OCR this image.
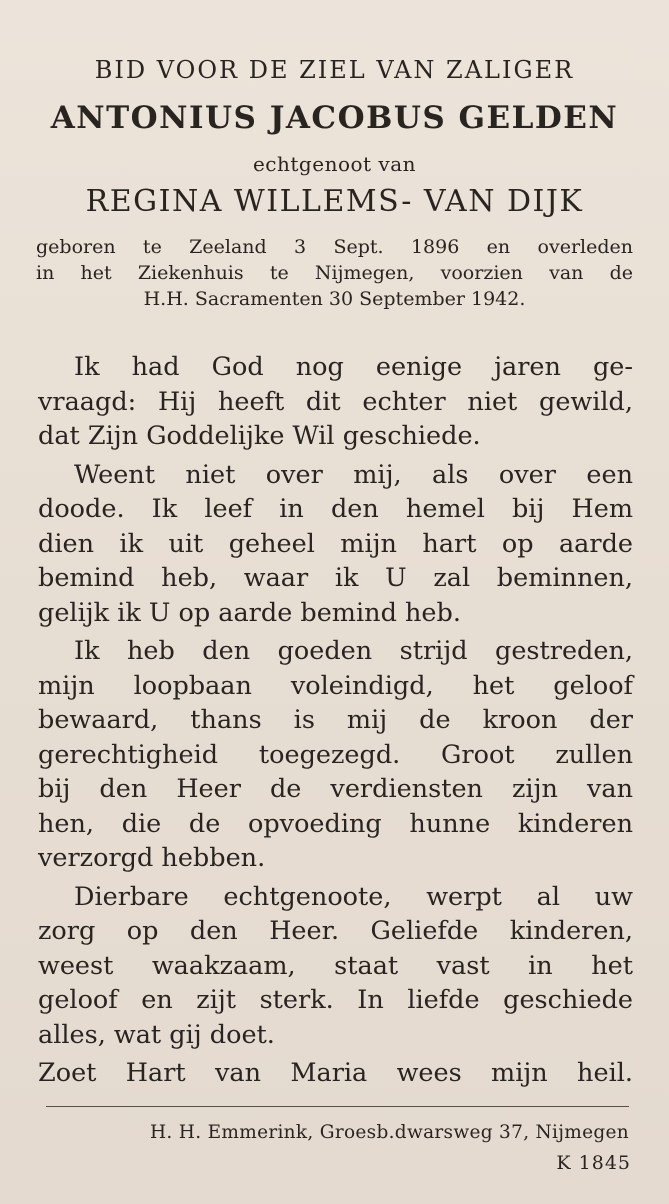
BID VOOR DE ZIEL VAN ZALIGER
ANTONIUS JACOBUS GELDEN
echtgenoot van
REGINA WILLEMS- VAN DIJK
geboren te Zeeland 3 Sept. 1896 en overleden
in het Ziekenhuis te Nijmegen, voorzien van de
H.H. Sacramenten 30 September 1942.
Ik had God nog eenige jaren ge-
vraagd: Hij heeft dit echter niet gewild,
dat Zijn Goddelijke Wil geschiede.
Weent niet over mij, als over een
doode. Ik leef in den hemel bij Hem
dien ik uit geheel mijn hart op aarde
bemind heb, waar ik U zal beminnen,
gelijk ik U op aarde bemind heb.
Ik heb den goeden strijd gestreden,
mijn loopbaan voleindigd, het geloof
bewaard, thans is mij de kroon der
gerechtigheid toegezegd. Groot zullen
bij den Heer de verdiensten zijn van
hen, die de opvoeding hunne kinderen
verzorgd hebben.
Dierbare echtgenoote, werpt al uw
zorg op den Heer. Geliefde kinderen,
weest waakzaam, staat vast in het
geloof en zijt sterk. In liefde geschiede
alles, wat gij doet.
Zoet Hart van Maria wees mijn heil.
H. H. Emmerink, Groesb.dwarsweg 37, Nijmegen
K 1845
